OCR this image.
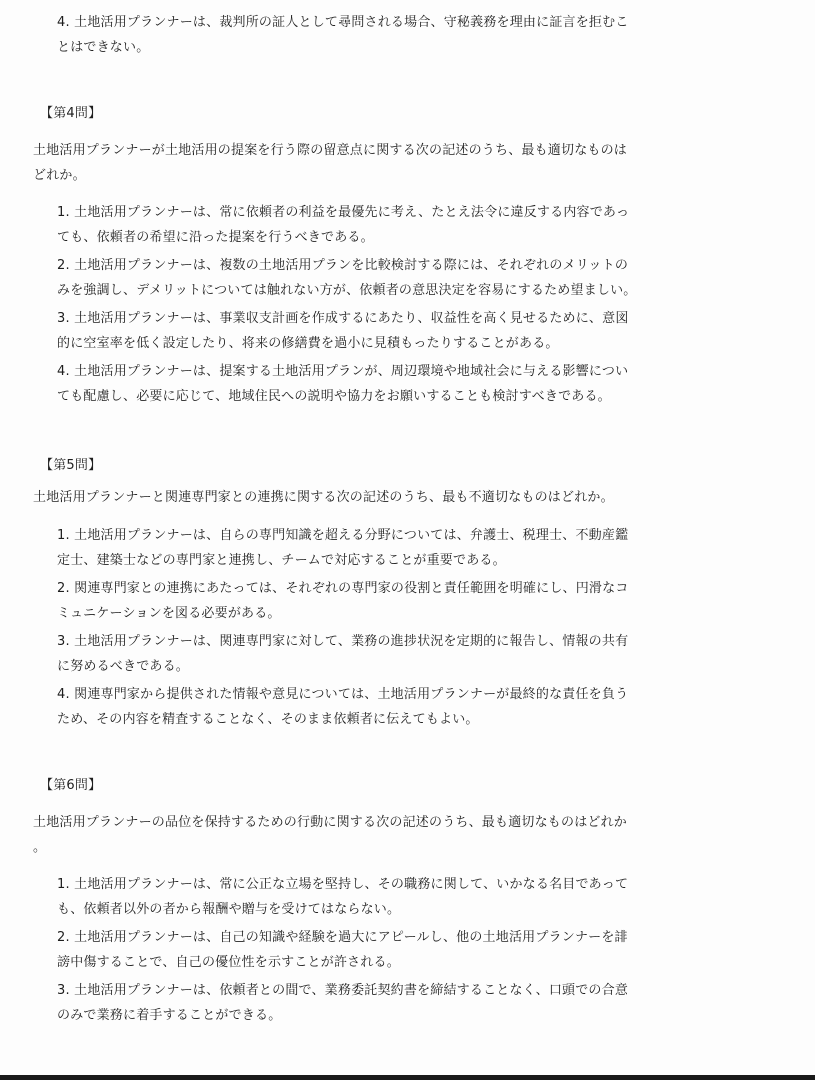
4. 土地活用プランナーは、裁判所の証人として尋問される場合、守秘義務を理由に証言を拒むこ
とはできない。
【第4問】
土地活用プランナーが土地活用の提案を行う際の留意点に関する次の記述のうち、最も適切なものは
どれか。
1. 土地活用プランナーは、常に依頼者の利益を最優先に考え、たとえ法令に違反する内容であっ
ても、依頼者の希望に沿った提案を行うべきである。
2. 土地活用プランナーは、複数の土地活用プランを比較検討する際には、それぞれのメリットの
みを強調し、デメリットについては触れない方が、依頼者の意思決定を容易にするため望ましい。
3. 土地活用プランナーは、事業収支計画を作成するにあたり、収益性を高く見せるために、意図
的に空室率を低く設定したり、将来の修繕費を過小に見積もったりすることがある。
4. 土地活用プランナーは、提案する土地活用プランが、周辺環境や地域社会に与える影響につい
ても配慮し、必要に応じて、地域住民への説明や協力をお願いすることも検討すべきである。
【第5問】
土地活用プランナーと関連専門家との連携に関する次の記述のうち、最も不適切なものはどれか。
1. 土地活用プランナーは、自らの専門知識を超える分野については、弁護士、税理士、不動産鑑
定士、建築士などの専門家と連携し、チームで対応することが重要である。
2. 関連専門家との連携にあたっては、それぞれの専門家の役割と責任範囲を明確にし、円滑なコ
ミュニケーションを図る必要がある。
3. 土地活用プランナーは、関連専門家に対して、業務の進捗状況を定期的に報告し、情報の共有
に努めるべきである。
4. 関連専門家から提供された情報や意見については、土地活用プランナーが最終的な責任を負う
ため、その内容を精査することなく、そのまま依頼者に伝えてもよい。
【第6問】
土地活用プランナーの品位を保持するための行動に関する次の記述のうち、最も適切なものはどれか
。
1. 土地活用プランナーは、常に公正な立場を堅持し、その職務に関して、いかなる名目であって
も、依頼者以外の者から報酬や贈与を受けてはならない。
2. 土地活用プランナーは、自己の知識や経験を過大にアピールし、他の土地活用プランナーを誹
謗中傷することで、自己の優位性を示すことが許される。
3. 土地活用プランナーは、依頼者との間で、業務委託契約書を締結することなく、口頭での合意
のみで業務に着手することができる。
